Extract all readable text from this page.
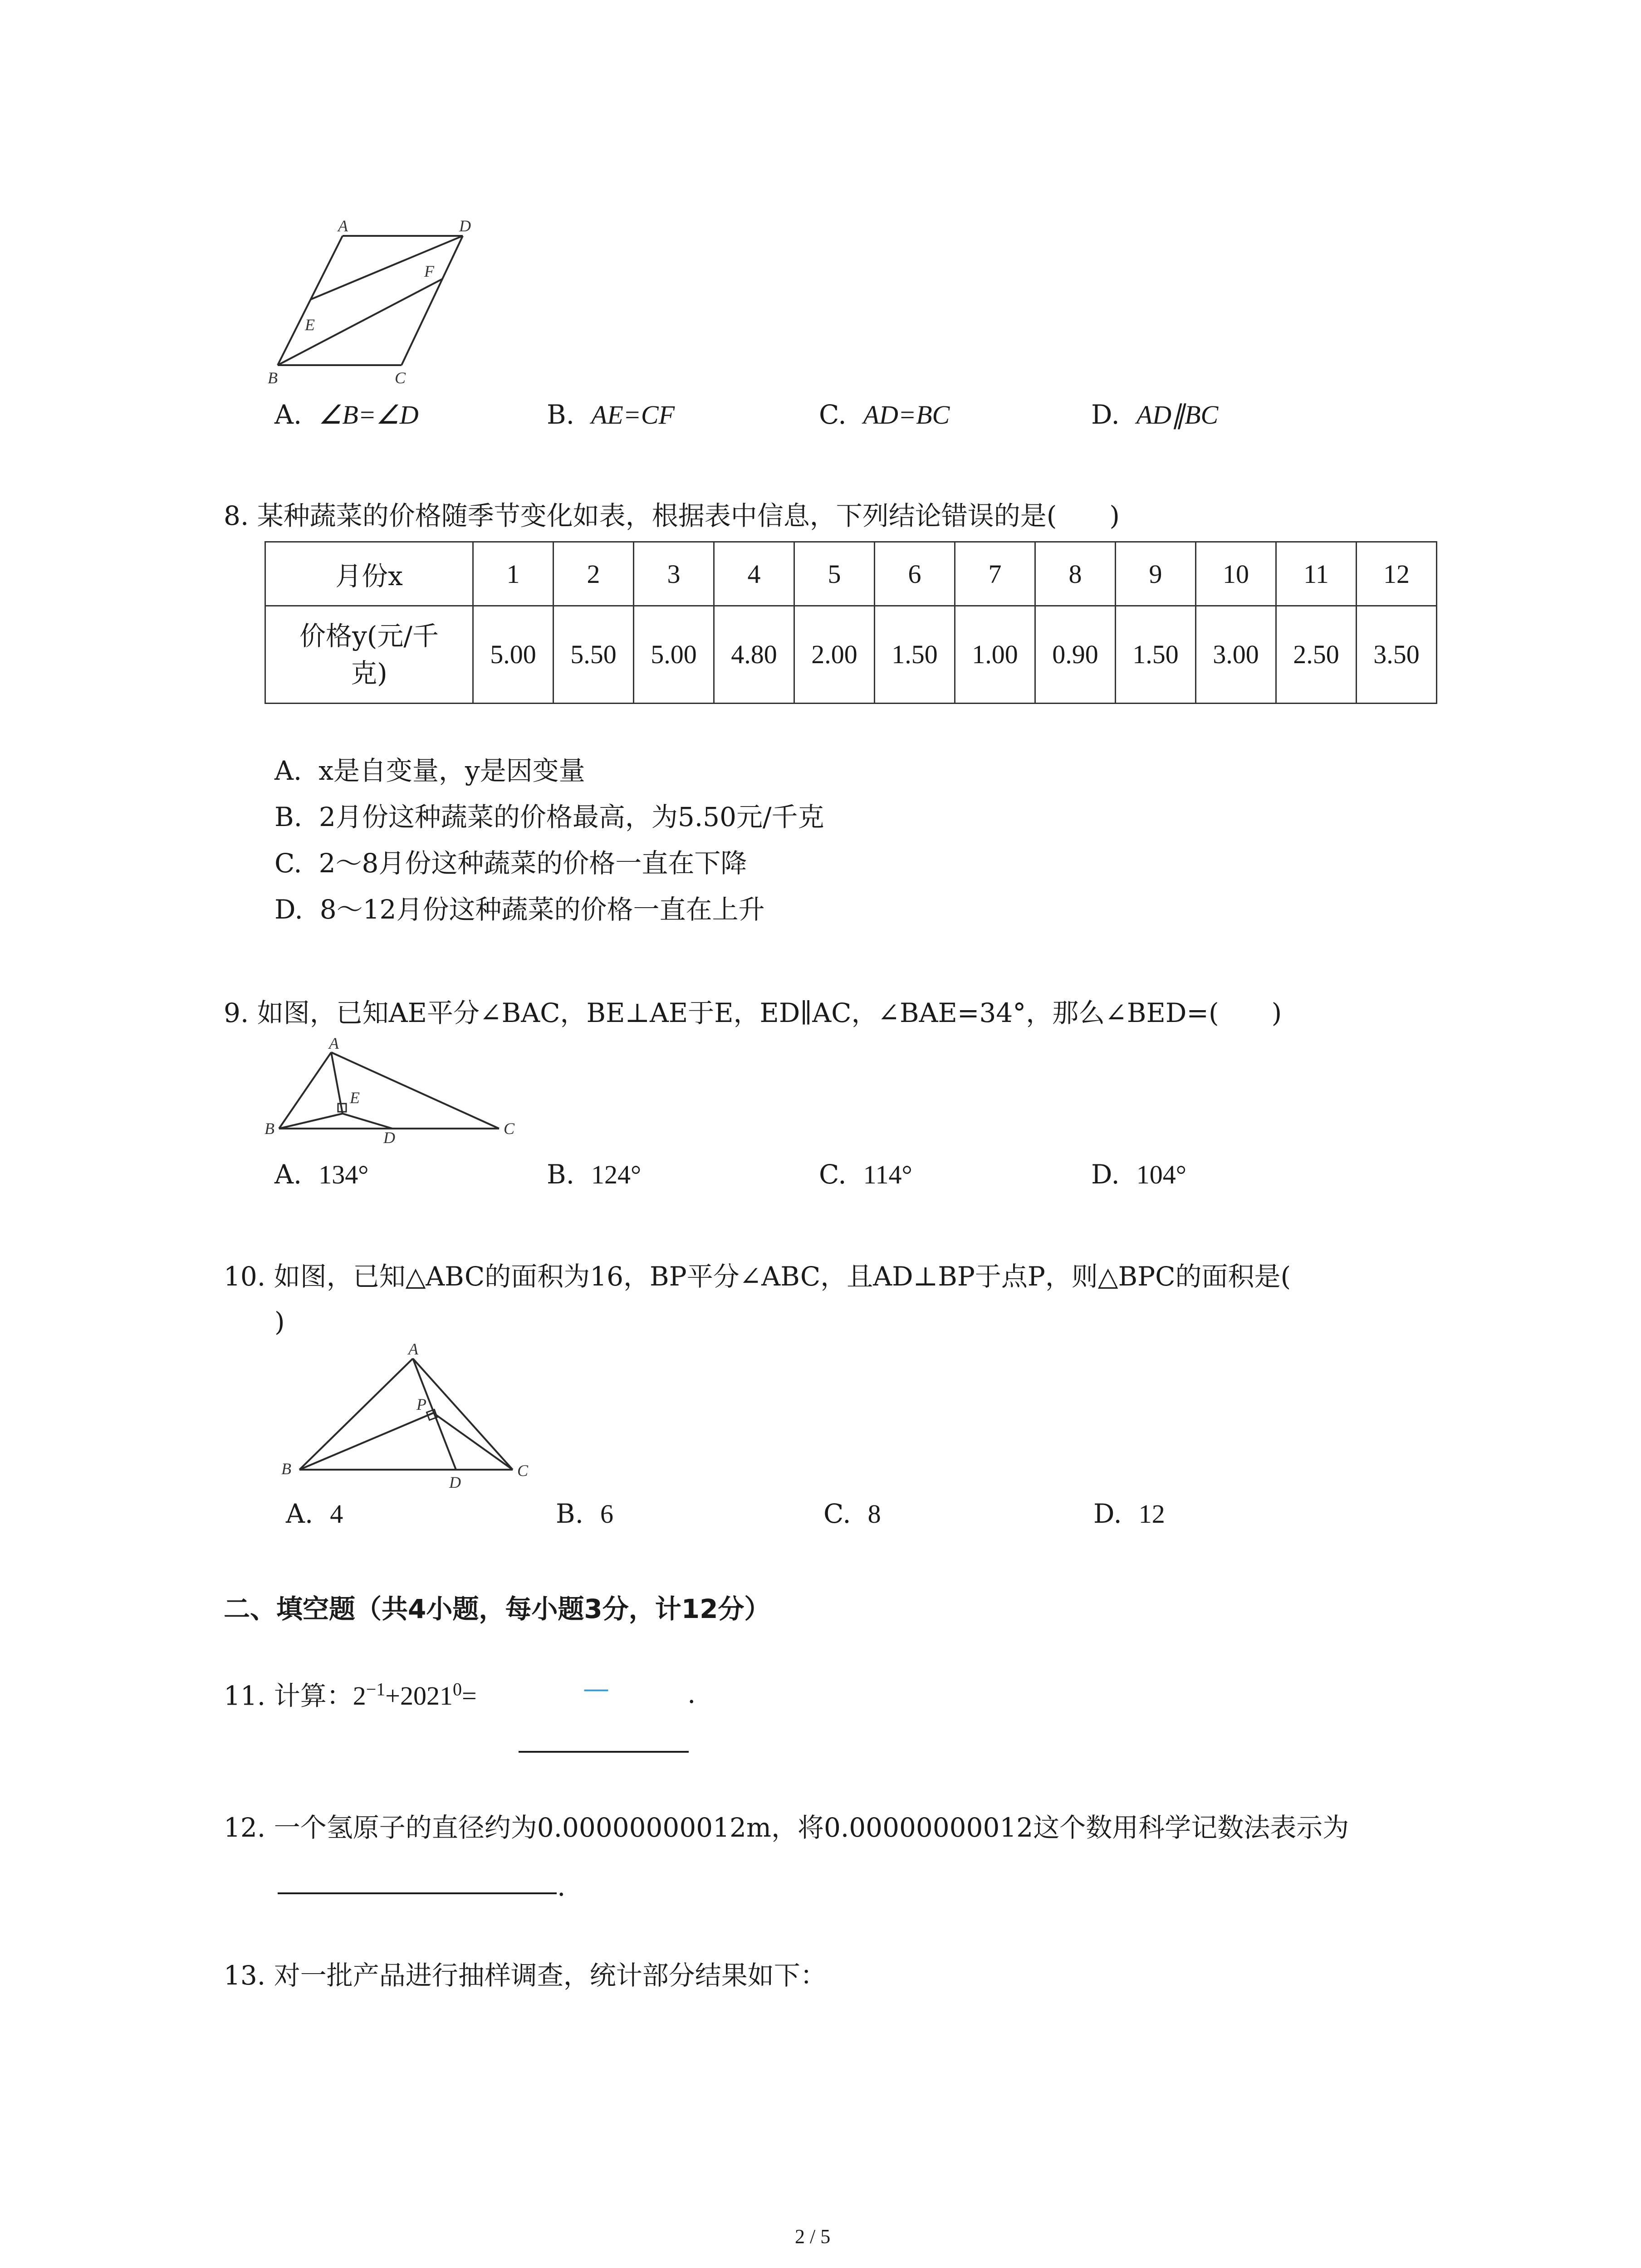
A	D
F
E
B	C
A. ∠B=∠D	B. AE=CF	C. AD=BC	D. AD∥BC
8. 某种蔬菜的价格随季节变化如表，根据表中信息，下列结论错误的是(　　)
月份x	1	2	3	4	5	6	7	8	9	10	11	12
价格y(元/千克)	5.00	5.50	5.00	4.80	2.00	1.50	1.00	0.90	1.50	3.00	2.50	3.50
A. x是自变量，y是因变量
B. 2月份这种蔬菜的价格最高，为5.50元/千克
C. 2～8月份这种蔬菜的价格一直在下降
D. 8～12月份这种蔬菜的价格一直在上升
9. 如图，已知AE平分∠BAC，BE⊥AE于E，ED∥AC，∠BAE=34°，那么∠BED=(　　)
A
E
B	D	C
A. 134°	B. 124°	C. 114°	D. 104°
10. 如图，已知△ABC的面积为16，BP平分∠ABC，且AD⊥BP于点P，则△BPC的面积是(
)
A
P
B
D
C
A. 4	B. 6	C. 8	D. 12
二、填空题（共4小题，每小题3分，计12分）
11. 计算：$2^{-1}+2021^0=$	—	.
12. 一个氢原子的直径约为0.00000000012m，将0.00000000012这个数用科学记数法表示为
.
13. 对一批产品进行抽样调查，统计部分结果如下：
2 / 5
